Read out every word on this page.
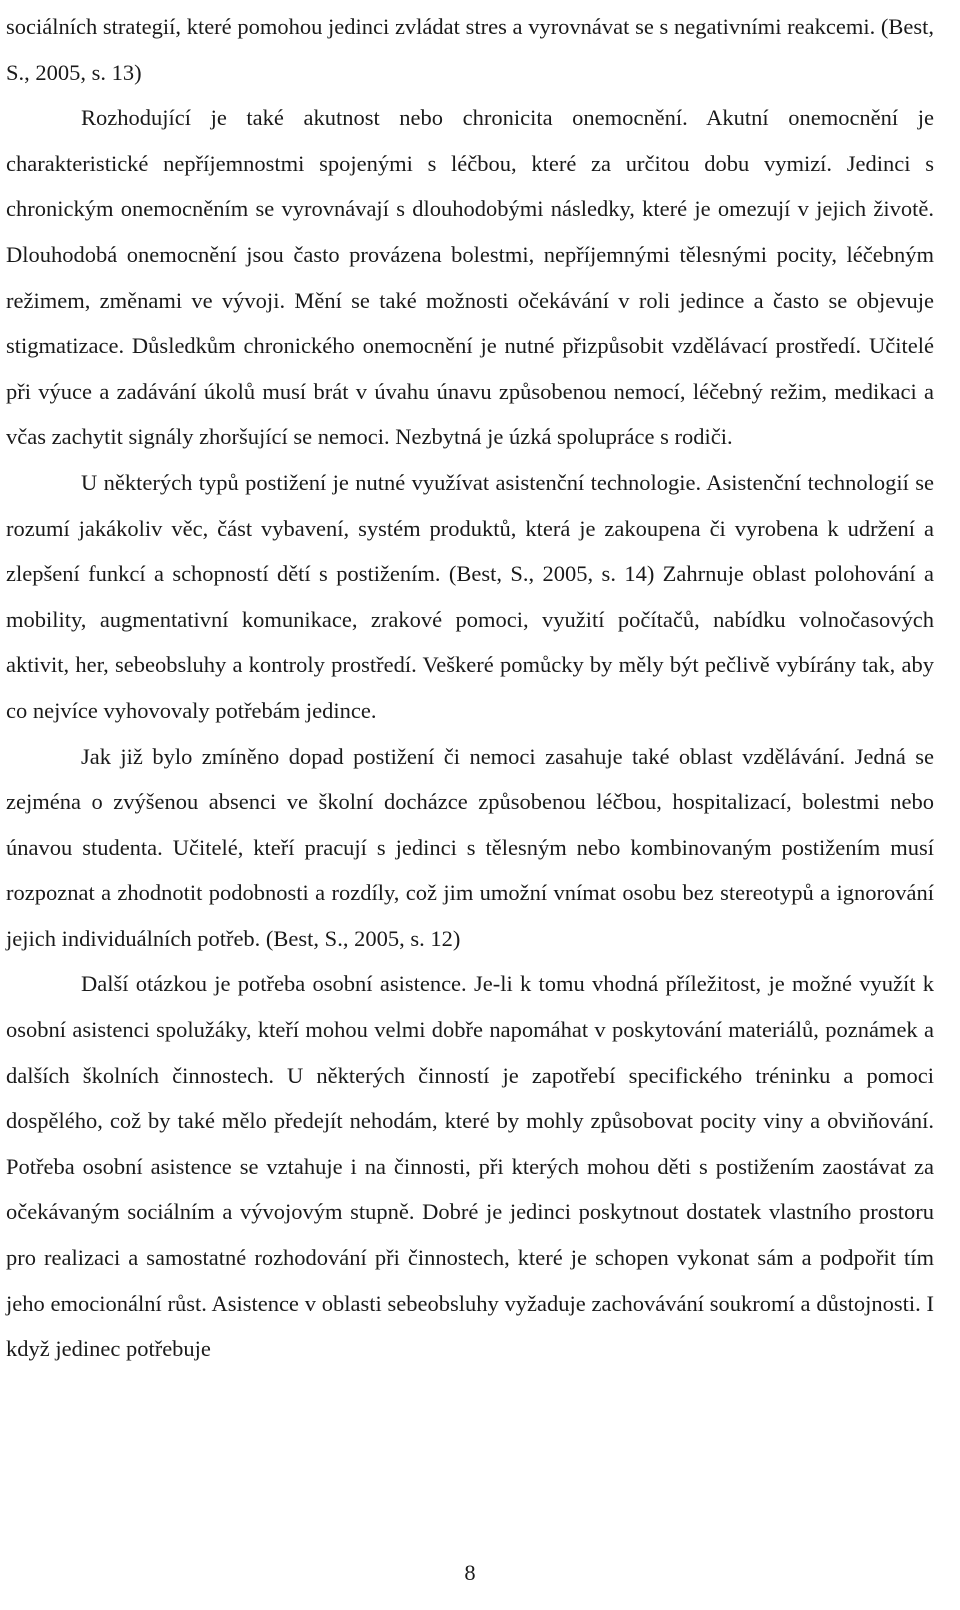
sociálních strategií, které pomohou jedinci zvládat stres a vyrovnávat se s negativními reakcemi. (Best, S., 2005, s. 13)

Rozhodující je také akutnost nebo chronicita onemocnění. Akutní onemocnění je charakteristické nepříjemnostmi spojenými s léčbou, které za určitou dobu vymizí. Jedinci s chronickým onemocněním se vyrovnávají s dlouhodobými následky, které je omezují v jejich životě. Dlouhodobá onemocnění jsou často provázena bolestmi, nepříjemnými tělesnými pocity, léčebným režimem, změnami ve vývoji. Mění se také možnosti očekávání v roli jedince a často se objevuje stigmatizace. Důsledkům chronického onemocnění je nutné přizpůsobit vzdělávací prostředí. Učitelé při výuce a zadávání úkolů musí brát v úvahu únavu způsobenou nemocí, léčebný režim, medikaci a včas zachytit signály zhoršující se nemoci. Nezbytná je úzká spolupráce s rodiči.

U některých typů postižení je nutné využívat asistenční technologie. Asistenční technologií se rozumí jakákoliv věc, část vybavení, systém produktů, která je zakoupena či vyrobena k udržení a zlepšení funkcí a schopností dětí s postižením. (Best, S., 2005, s. 14) Zahrnuje oblast polohování a mobility, augmentativní komunikace, zrakové pomoci, využití počítačů, nabídku volnočasových aktivit, her, sebeobsluhy a kontroly prostředí. Veškeré pomůcky by měly být pečlivě vybírány tak, aby co nejvíce vyhovovaly potřebám jedince.

Jak již bylo zmíněno dopad postižení či nemoci zasahuje také oblast vzdělávání. Jedná se zejména o zvýšenou absenci ve školní docházce způsobenou léčbou, hospitalizací, bolestmi nebo únavou studenta. Učitelé, kteří pracují s jedinci s tělesným nebo kombinovaným postižením musí rozpoznat a zhodnotit podobnosti a rozdíly, což jim umožní vnímat osobu bez stereotypů a ignorování jejich individuálních potřeb. (Best, S., 2005, s. 12)

Další otázkou je potřeba osobní asistence. Je-li k tomu vhodná příležitost, je možné využít k osobní asistenci spolužáky, kteří mohou velmi dobře napomáhat v poskytování materiálů, poznámek a dalších školních činnostech. U některých činností je zapotřebí specifického tréninku a pomoci dospělého, což by také mělo předejít nehodám, které by mohly způsobovat pocity viny a obviňování. Potřeba osobní asistence se vztahuje i na činnosti, při kterých mohou děti s postižením zaostávat za očekávaným sociálním a vývojovým stupně. Dobré je jedinci poskytnout dostatek vlastního prostoru pro realizaci a samostatné rozhodování při činnostech, které je schopen vykonat sám a podpořit tím jeho emocionální růst. Asistence v oblasti sebeobsluhy vyžaduje zachovávání soukromí a důstojnosti. I když jedinec potřebuje

8
